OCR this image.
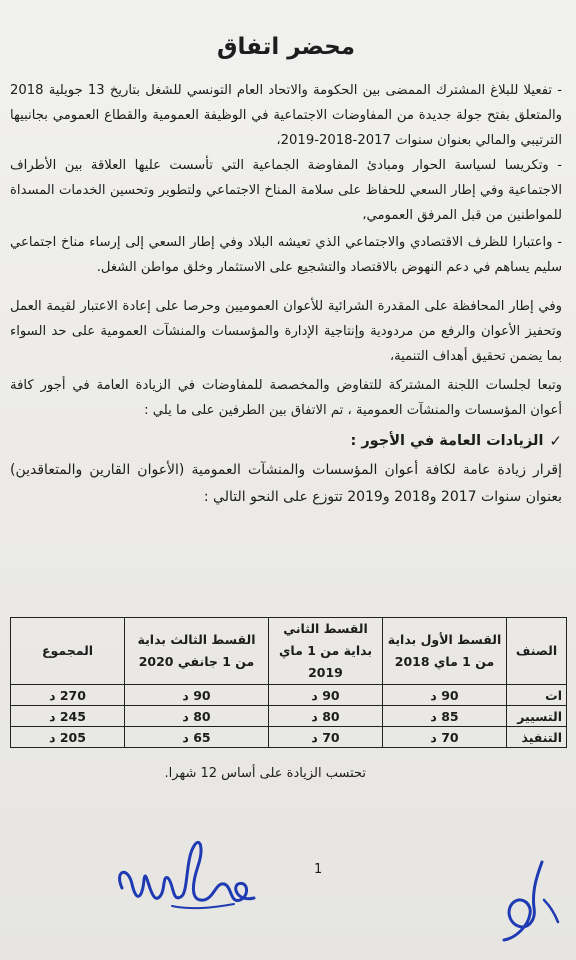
محضر اتفاق

- تفعيلا للبلاغ المشترك الممضى بين الحكومة والاتحاد العام التونسي للشغل بتاريخ 13 جويلية 2018 والمتعلق بفتح جولة جديدة من المفاوضات الاجتماعية في الوظيفة العمومية والقطاع العمومي بجانبيها الترتيبي والمالي بعنوان سنوات 2017-2018-2019،

- وتكريسا لسياسة الحوار ومبادئ المفاوضة الجماعية التي تأسست عليها العلاقة بين الأطراف الاجتماعية وفي إطار السعي للحفاظ على سلامة المناخ الاجتماعي ولتطوير وتحسين الخدمات المسداة للمواطنين من قبل المرفق العمومي،

- واعتبارا للظرف الاقتصادي والاجتماعي الذي تعيشه البلاد وفي إطار السعي إلى إرساء مناخ اجتماعي سليم يساهم في دعم النهوض بالاقتصاد والتشجيع على الاستثمار وخلق مواطن الشغل.

وفي إطار المحافظة على المقدرة الشرائية للأعوان العموميين وحرصا على إعادة الاعتبار لقيمة العمل وتحفيز الأعوان والرفع من مردودية وإنتاجية الإدارة والمؤسسات والمنشآت العمومية على حد السواء بما يضمن تحقيق أهداف التنمية،

وتبعا لجلسات اللجنة المشتركة للتفاوض والمخصصة للمفاوضات في الزيادة العامة في أجور كافة أعوان المؤسسات والمنشآت العمومية ، تم الاتفاق بين الطرفين على ما يلي :

✓
الزيادات العامة في الأجور :

إقرار زيادة عامة لكافة أعوان المؤسسات والمنشآت العمومية (الأعوان القارين والمتعاقدين) بعنوان سنوات 2017 و2018 و2019 تتوزع على النحو التالي :

الصنف	القسط الأول بداية من 1 ماي 2018	القسط الثاني بداية من 1 ماي 2019	القسط الثالث بداية من 1 جانفي 2020	المجموع
ات	90 د	90 د	90 د	270 د
التسيير	85 د	80 د	80 د	245 د
التنفيذ	70 د	70 د	65 د	205 د
تحتسب الزيادة على أساس 12 شهرا.
1
